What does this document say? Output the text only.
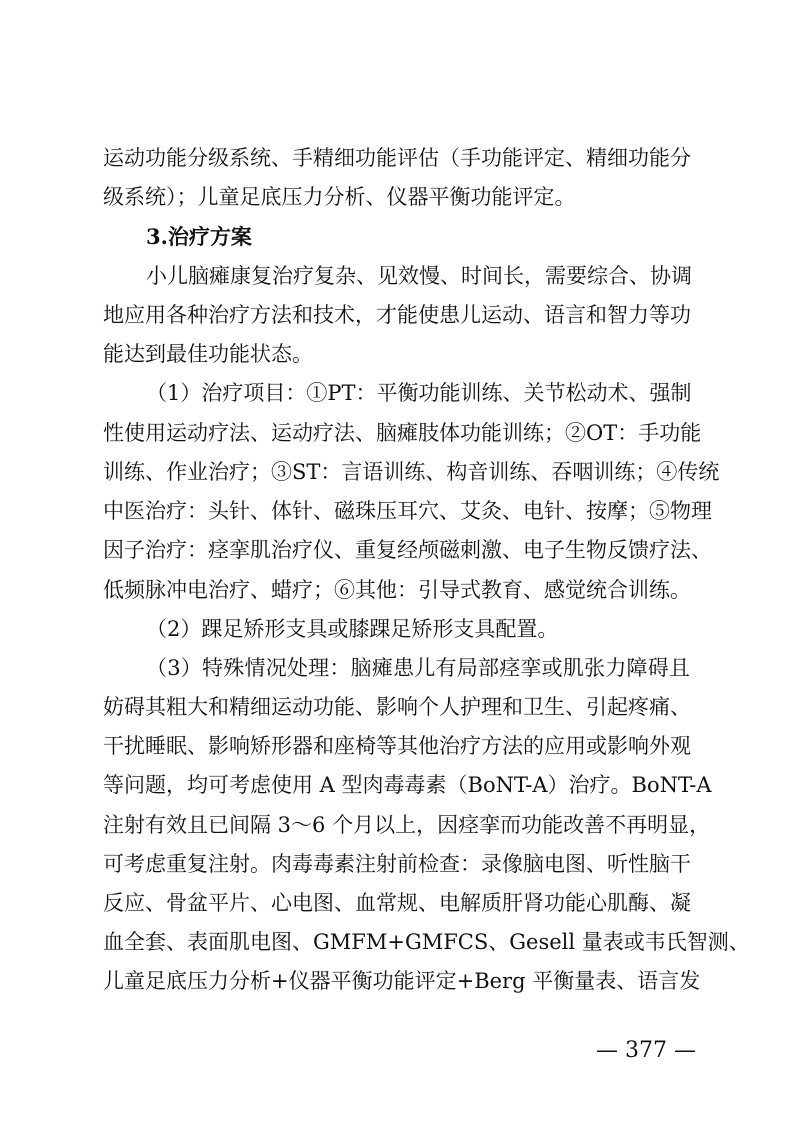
运动功能分级系统、手精细功能评估（手功能评定、精细功能分
级系统）；儿童足底压力分析、仪器平衡功能评定。
3.治疗方案
小儿脑瘫康复治疗复杂、见效慢、时间长，需要综合、协调
地应用各种治疗方法和技术，才能使患儿运动、语言和智力等功
能达到最佳功能状态。
（1）治疗项目：①PT：平衡功能训练、关节松动术、强制
性使用运动疗法、运动疗法、脑瘫肢体功能训练；②OT：手功能
训练、作业治疗；③ST：言语训练、构音训练、吞咽训练；④传统
中医治疗：头针、体针、磁珠压耳穴、艾灸、电针、按摩；⑤物理
因子治疗：痉挛肌治疗仪、重复经颅磁刺激、电子生物反馈疗法、
低频脉冲电治疗、蜡疗；⑥其他：引导式教育、感觉统合训练。
（2）踝足矫形支具或膝踝足矫形支具配置。
（3）特殊情况处理：脑瘫患儿有局部痉挛或肌张力障碍且
妨碍其粗大和精细运动功能、影响个人护理和卫生、引起疼痛、
干扰睡眠、影响矫形器和座椅等其他治疗方法的应用或影响外观
等问题，均可考虑使用 A 型肉毒毒素（BoNT-A）治疗。BoNT-A
注射有效且已间隔 3～6 个月以上，因痉挛而功能改善不再明显，
可考虑重复注射。肉毒毒素注射前检查：录像脑电图、听性脑干
反应、骨盆平片、心电图、血常规、电解质肝肾功能心肌酶、凝
血全套、表面肌电图、GMFM+GMFCS、Gesell 量表或韦氏智测、
儿童足底压力分析+仪器平衡功能评定+Berg 平衡量表、语言发
— 377 —
